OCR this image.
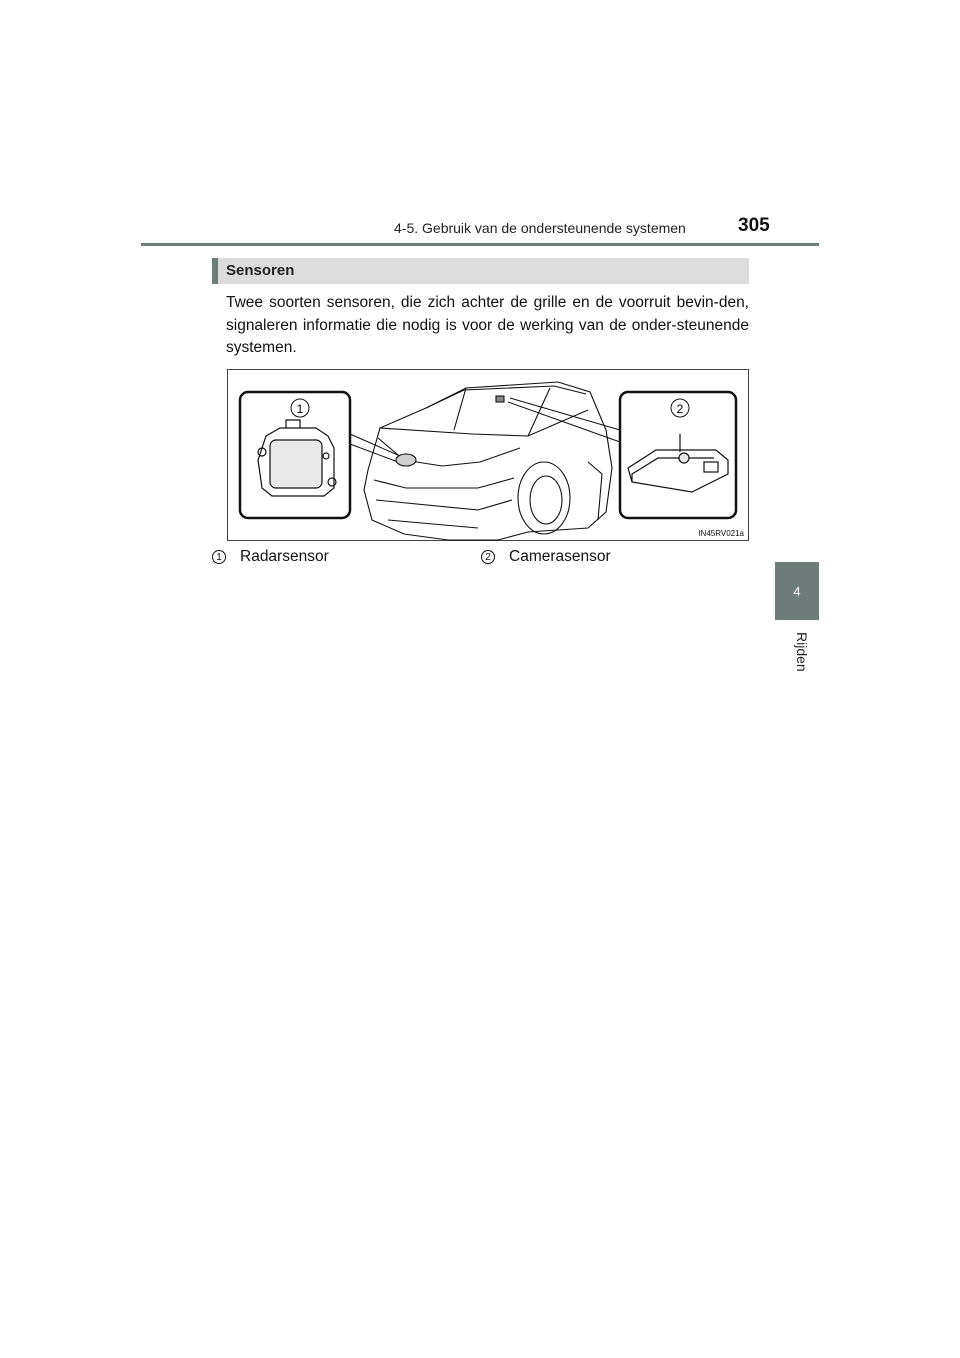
4-5. Gebruik van de ondersteunende systemen	305
4
Rijden
Sensoren
Twee soorten sensoren, die zich achter de grille en de voorruit bevin-den, signaleren informatie die nodig is voor de werking van de onder-steunende systemen.
1	2
IN45RV021a
1 Radarsensor	2 Camerasensor
